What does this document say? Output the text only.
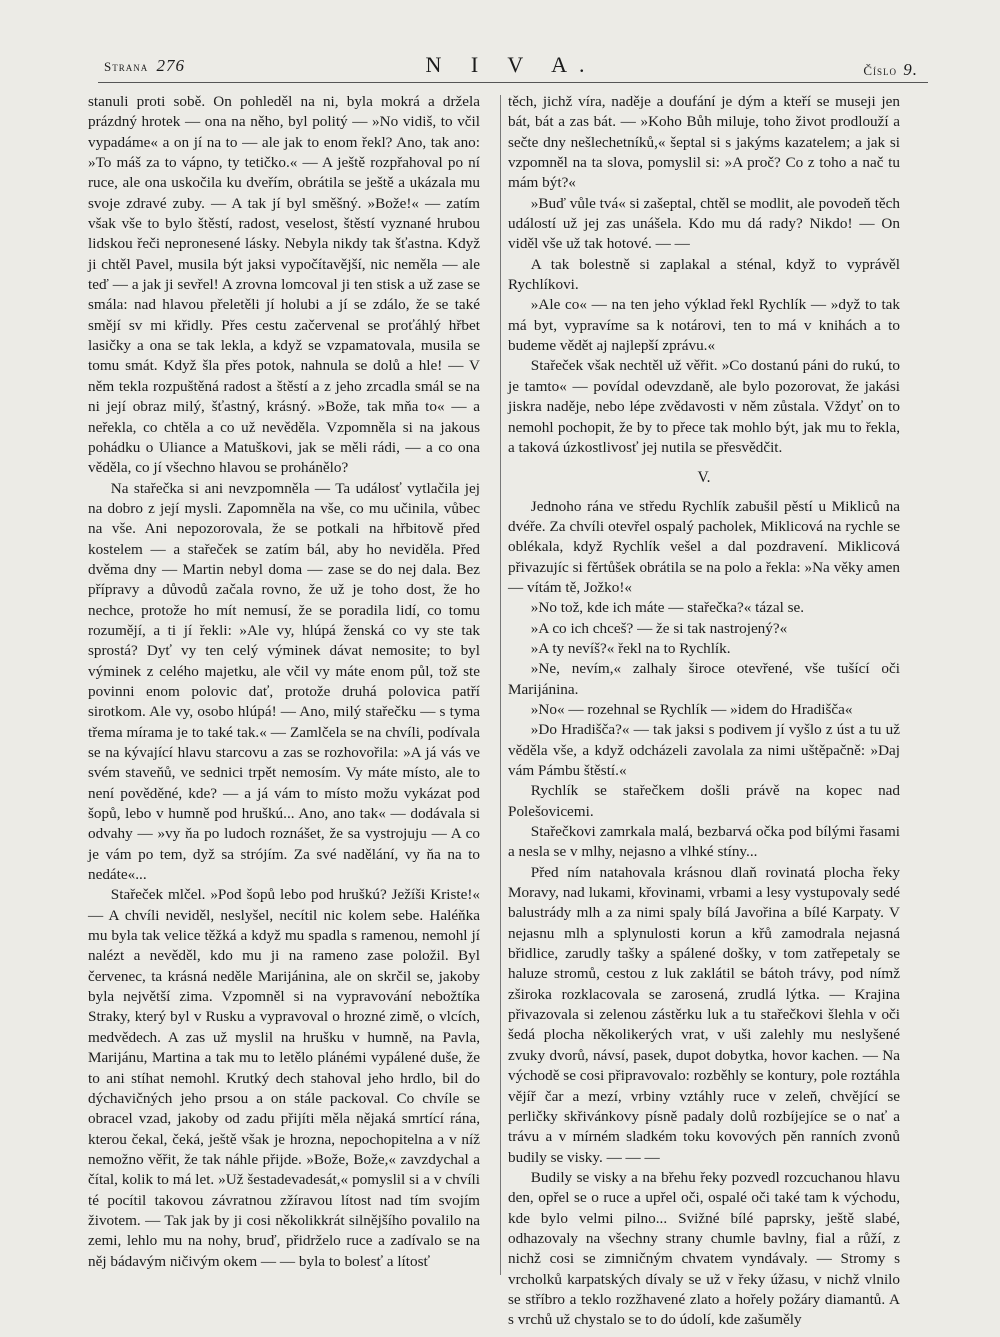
Strana 276	N I V A.	Číslo 9.

stanuli proti sobě. On pohleděl na ni, byla mokrá a držela prázdný hrotek — ona na něho, byl politý — »No vidiš, to včil vypadáme« a on jí na to — ale jak to enom řekl? Ano, tak ano: »To máš za to vápno, ty tetičko.« — A ještě rozpřahoval po ní ruce, ale ona uskočila ku dveřím, obrátila se ještě a ukázala mu svoje zdravé zuby. — A tak jí byl směšný. »Bože!« — zatím však vše to bylo štěstí, radost, veselost, štěstí vyznané hrubou lidskou řeči nepronesené lásky. Nebyla nikdy tak šťastna. Když ji chtěl Pavel, musila být jaksi vypočítavější, nic neměla — ale teď — a jak ji sevřel! A zrovna lomcoval ji ten stisk a už zase se smála: nad hlavou přeletěli jí holubi a jí se zdálo, že se také smějí sv mi křidly. Přes cestu začervenal se proťáhlý hřbet lasičky a ona se tak lekla, a když se vzpamatovala, musila se tomu smát. Když šla přes potok, nahnula se dolů a hle! — V něm tekla rozpuštěná radost a štěstí a z jeho zrcadla smál se na ni její obraz milý, šťastný, krásný. »Bože, tak mňa to« — a neřekla, co chtěla a co už nevěděla. Vzpomněla si na jakous pohádku o Uliance a Matuškovi, jak se měli rádi, — a co ona věděla, co jí všechno hlavou se prohánělo?

Na stařečka si ani nevzpomněla — Ta událosť vytlačila jej na dobro z její mysli. Zapomněla na vše, co mu učinila, vůbec na vše. Ani nepozorovala, že se potkali na hřbitově před kostelem — a stařeček se zatím bál, aby ho neviděla. Před dvěma dny — Martin nebyl doma — zase se do nej dala. Bez přípravy a důvodů začala rovno, že už je toho dost, že ho nechce, protože ho mít nemusí, že se poradila lidí, co tomu rozumějí, a ti jí řekli: »Ale vy, hlúpá ženská co vy ste tak sprostá? Dyť vy ten celý výminek dávat nemosite; to byl výminek z celého majetku, ale včil vy máte enom půl, tož ste povinni enom polovic dať, protože druhá polovica patří sirotkom. Ale vy, osobo hlúpá! — Ano, milý stařečku — s tyma třema mírama je to také tak.« — Zamlčela se na chvíli, podívala se na kývající hlavu starcovu a zas se rozhovořila: »A já vás ve svém staveňů, ve sednici trpět nemosím. Vy máte místo, ale to není pověděné, kde? — a já vám to místo možu vykázat pod šopů, lebo v humně pod hruškú... Ano, ano tak« — dodávala si odvahy — »vy ňa po ludoch roznášet, že sa vystrojuju — A co je vám po tem, dyž sa strójím. Za své nadělání, vy ňa na to nedáte«...

Stařeček mlčel. »Pod šopů lebo pod hruškú? Ježíši Kriste!« — A chvíli neviděl, neslyšel, necítil nic kolem sebe. Haléňka mu byla tak velice těžká a když mu spadla s ramenou, nemohl jí nalézt a nevěděl, kdo mu ji na rameno zase položil. Byl červenec, ta krásná neděle Marijánina, ale on skrčil se, jakoby byla největší zima. Vzpomněl si na vypravování nebožtíka Straky, který byl v Rusku a vypravoval o hrozné zimě, o vlcích, medvědech. A zas už myslil na hrušku v humně, na Pavla, Marijánu, Martina a tak mu to letělo plánémi vypálené duše, že to ani stíhat nemohl. Krutký dech stahoval jeho hrdlo, bil do dýchavičných jeho prsou a on stále packoval. Co chvíle se obracel vzad, jakoby od zadu přijíti měla nějaká smrtící rána, kterou čekal, čeká, ještě však je hrozna, nepochopitelna a v níž nemožno věřit, že tak náhle přijde. »Bože, Bože,« zavzdychal a čítal, kolik to má let. »Už šestadevadesát,« pomyslil si a v chvíli té pocítil takovou závratnou zžíravou lítost nad tím svojím životem. — Tak jak by ji cosi několikkrát silnějšího povalilo na zemi, lehlo mu na nohy, bruď, přidrželo ruce a zadívalo se na něj bádavým ničivým okem — — byla to bolesť a lítosť

těch, jichž víra, naděje a doufání je dým a kteří se museji jen bát, bát a zas bát. — »Koho Bůh miluje, toho život prodlouží a sečte dny nešlechetníků,« šeptal si s jakýms kazatelem; a jak si vzpomněl na ta slova, pomyslil si: »A proč? Co z toho a nač tu mám být?«

»Buď vůle tvá« si zašeptal, chtěl se modlit, ale povodeň těch událostí už jej zas unášela. Kdo mu dá rady? Nikdo! — On viděl vše už tak hotové. — —

A tak bolestně si zaplakal a sténal, když to vyprávěl Rychlíkovi.

»Ale co« — na ten jeho výklad řekl Rychlík — »dyž to tak má byt, vypravíme sa k notárovi, ten to má v knihách a to budeme vědět aj najlepší zprávu.«

Stařeček však nechtěl už věřit. »Co dostanú páni do rukú, to je tamto« — povídal odevzdaně, ale bylo pozorovat, že jakási jiskra naděje, nebo lépe zvědavosti v něm zůstala. Vždyť on to nemohl pochopit, že by to přece tak mohlo být, jak mu to řekla, a taková úzkostlivosť jej nutila se přesvědčit.

V.

Jednoho rána ve středu Rychlík zabušil pěstí u Mikliců na dvéře. Za chvíli otevřel ospalý pacholek, Miklicová na rychle se oblékala, když Rychlík vešel a dal pozdravení. Miklicová přivazujíc si fěrtůšek obrátila se na polo a řekla: »Na věky amen — vítám tě, Jožko!«

»No tož, kde ich máte — stařečka?« tázal se.

»A co ich chceš? — že si tak nastrojený?«

»A ty nevíš?« řekl na to Rychlík.

»Ne, nevím,« zalhaly široce otevřené, vše tušící oči Marijánina.

»No« — rozehnal se Rychlík — »idem do Hradišča«

»Do Hradišča?« — tak jaksi s podivem jí vyšlo z úst a tu už věděla vše, a když odcházeli zavolala za nimi uštěpačně: »Daj vám Pámbu štěstí.«

Rychlík se stařečkem došli právě na kopec nad Polešovicemi.

Stařečkovi zamrkala malá, bezbarvá očka pod bílými řasami a nesla se v mlhy, nejasno a vlhké stíny...

Před ním natahovala krásnou dlaň rovinatá plocha řeky Moravy, nad lukami, křovinami, vrbami a lesy vystupovaly sedé balustrády mlh a za nimi spaly bílá Javořina a bílé Karpaty. V nejasnu mlh a splynulosti korun a křů zamodrala nejasná břidlice, zarudly tašky a spálené došky, v tom zatřepetaly se haluze stromů, cestou z luk zaklátil se bátoh trávy, pod nímž zširoka rozklacovala se zarosená, zrudlá lýtka. — Krajina přivazovala si zelenou zástěrku luk a tu stařečkovi šlehla v oči šedá plocha několikerých vrat, v uši zalehly mu neslyšené zvuky dvorů, návsí, pasek, dupot dobytka, hovor kachen. — Na východě se cosi připravovalo: rozběhly se kontury, pole roztáhla vějíř čar a mezí, vrbiny vztáhly ruce v zeleň, chvějící se perličky skřivánkovy písně padaly dolů rozbíjejíce se o nať a trávu a v mírném sladkém toku kovových pěn ranních zvonů budily se visky. — — —

Budily se visky a na břehu řeky pozvedl rozcuchanou hlavu den, opřel se o ruce a upřel oči, ospalé oči také tam k východu, kde bylo velmi pilno... Svižné bílé paprsky, ještě slabé, odhazovaly na všechny strany chumle bavlny, fial a růží, z nichž cosi se zimničným chvatem vyndávaly. — Stromy s vrcholků karpatských dívaly se už v řeky úžasu, v nichž vlnilo se stříbro a teklo rozžhavené zlato a hořely požáry diamantů. A s vrchů už chystalo se to do údolí, kde zašuměly
